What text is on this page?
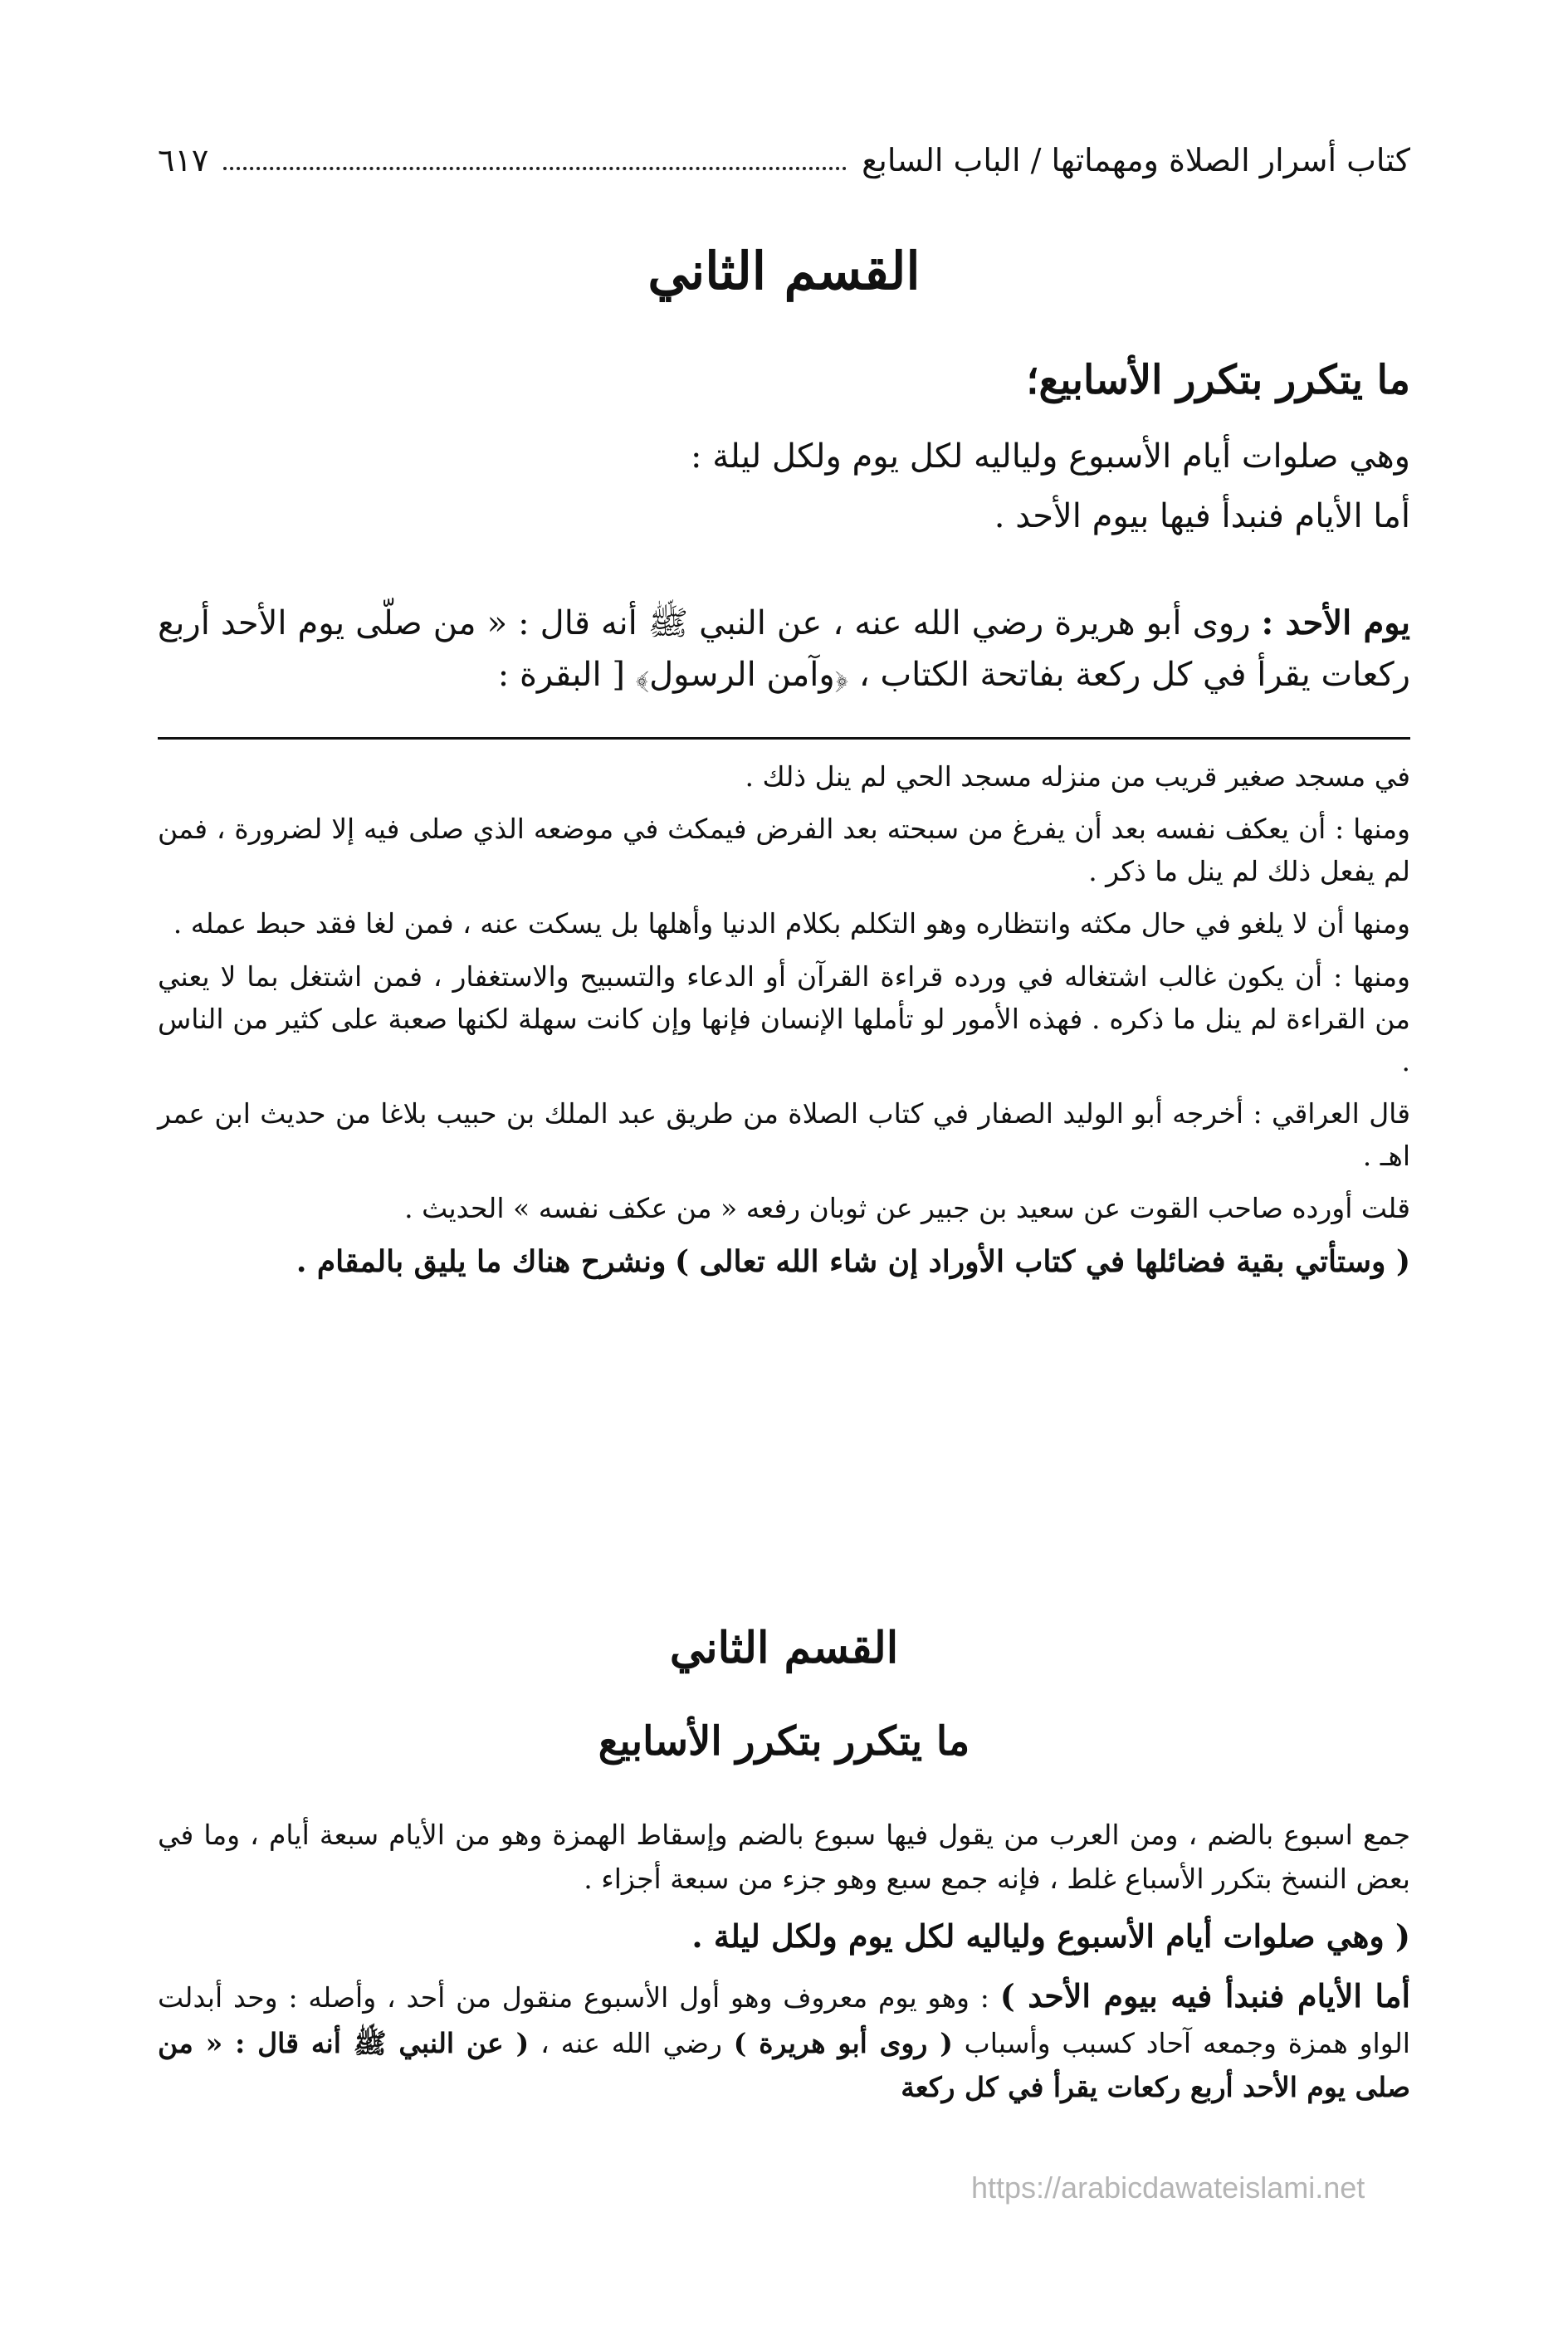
كتاب أسرار الصلاة ومهماتها / الباب السابع
٦١٧
القسم الثاني
ما يتكرر بتكرر الأسابيع؛

وهي صلوات أيام الأسبوع ولياليه لكل يوم ولكل ليلة :

أما الأيام فنبدأ فيها بيوم الأحد .

يوم الأحد : روى أبو هريرة رضي الله عنه ، عن النبي ﷺ أنه قال : « من صلّى يوم الأحد أربع ركعات يقرأ في كل ركعة بفاتحة الكتاب ، ﴿وآمن الرسول﴾ [ البقرة :

في مسجد صغير قريب من منزله مسجد الحي لم ينل ذلك .

ومنها : أن يعكف نفسه بعد أن يفرغ من سبحته بعد الفرض فيمكث في موضعه الذي صلى فيه إلا لضرورة ، فمن لم يفعل ذلك لم ينل ما ذكر .

ومنها أن لا يلغو في حال مكثه وانتظاره وهو التكلم بكلام الدنيا وأهلها بل يسكت عنه ، فمن لغا فقد حبط عمله .

ومنها : أن يكون غالب اشتغاله في ورده قراءة القرآن أو الدعاء والتسبيح والاستغفار ، فمن اشتغل بما لا يعني من القراءة لم ينل ما ذكره . فهذه الأمور لو تأملها الإنسان فإنها وإن كانت سهلة لكنها صعبة على كثير من الناس .

قال العراقي : أخرجه أبو الوليد الصفار في كتاب الصلاة من طريق عبد الملك بن حبيب بلاغا من حديث ابن عمر اهـ .

قلت أورده صاحب القوت عن سعيد بن جبير عن ثوبان رفعه « من عكف نفسه » الحديث .

( وستأتي بقية فضائلها في كتاب الأوراد إن شاء الله تعالى ) ونشرح هناك ما يليق بالمقام .

القسم الثاني
ما يتكرر بتكرر الأسابيع

جمع اسبوع بالضم ، ومن العرب من يقول فيها سبوع بالضم وإسقاط الهمزة وهو من الأيام سبعة أيام ، وما في بعض النسخ بتكرر الأسباع غلط ، فإنه جمع سبع وهو جزء من سبعة أجزاء .

( وهي صلوات أيام الأسبوع ولياليه لكل يوم ولكل ليلة .

أما الأيام فنبدأ فيه بيوم الأحد ) : وهو يوم معروف وهو أول الأسبوع منقول من أحد ، وأصله : وحد أبدلت الواو همزة وجمعه آحاد كسبب وأسباب ( روى أبو هريرة ) رضي الله عنه ، ( عن النبي ﷺ أنه قال : « من صلى يوم الأحد أربع ركعات يقرأ في كل ركعة

https://arabicdawateislami.net
